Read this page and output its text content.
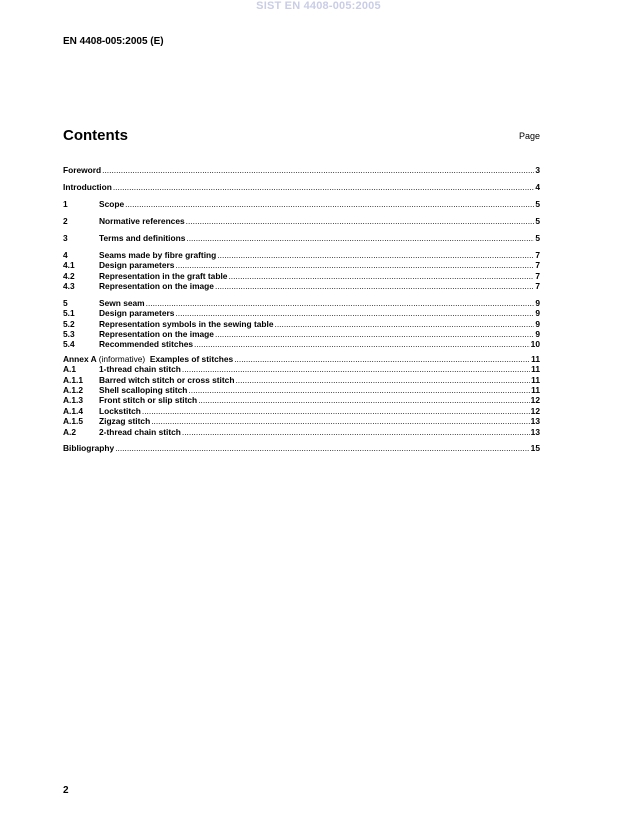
SIST EN 4408-005:2005
EN 4408-005:2005 (E)
Contents	Page
Foreword .....	3
Introduction .....	4
1	Scope .....	5
2	Normative references .....	5
3	Terms and definitions .....	5
4	Seams made by fibre grafting .....	7
4.1	Design parameters .....	7
4.2	Representation in the graft table .....	7
4.3	Representation on the image .....	7
5	Sewn seam .....	9
5.1	Design parameters .....	9
5.2	Representation symbols in the sewing table .....	9
5.3	Representation on the image .....	9
5.4	Recommended stitches .....	10
Annex A (informative) Examples of stitches .....	11
A.1	1-thread chain stitch .....	11
A.1.1	Barred witch stitch or cross stitch .....	11
A.1.2	Shell scalloping stitch .....	11
A.1.3	Front stitch or slip stitch .....	12
A.1.4	Lockstitch .....	12
A.1.5	Zigzag stitch .....	13
A.2	2-thread chain stitch .....	13
Bibliography .....	15
2
